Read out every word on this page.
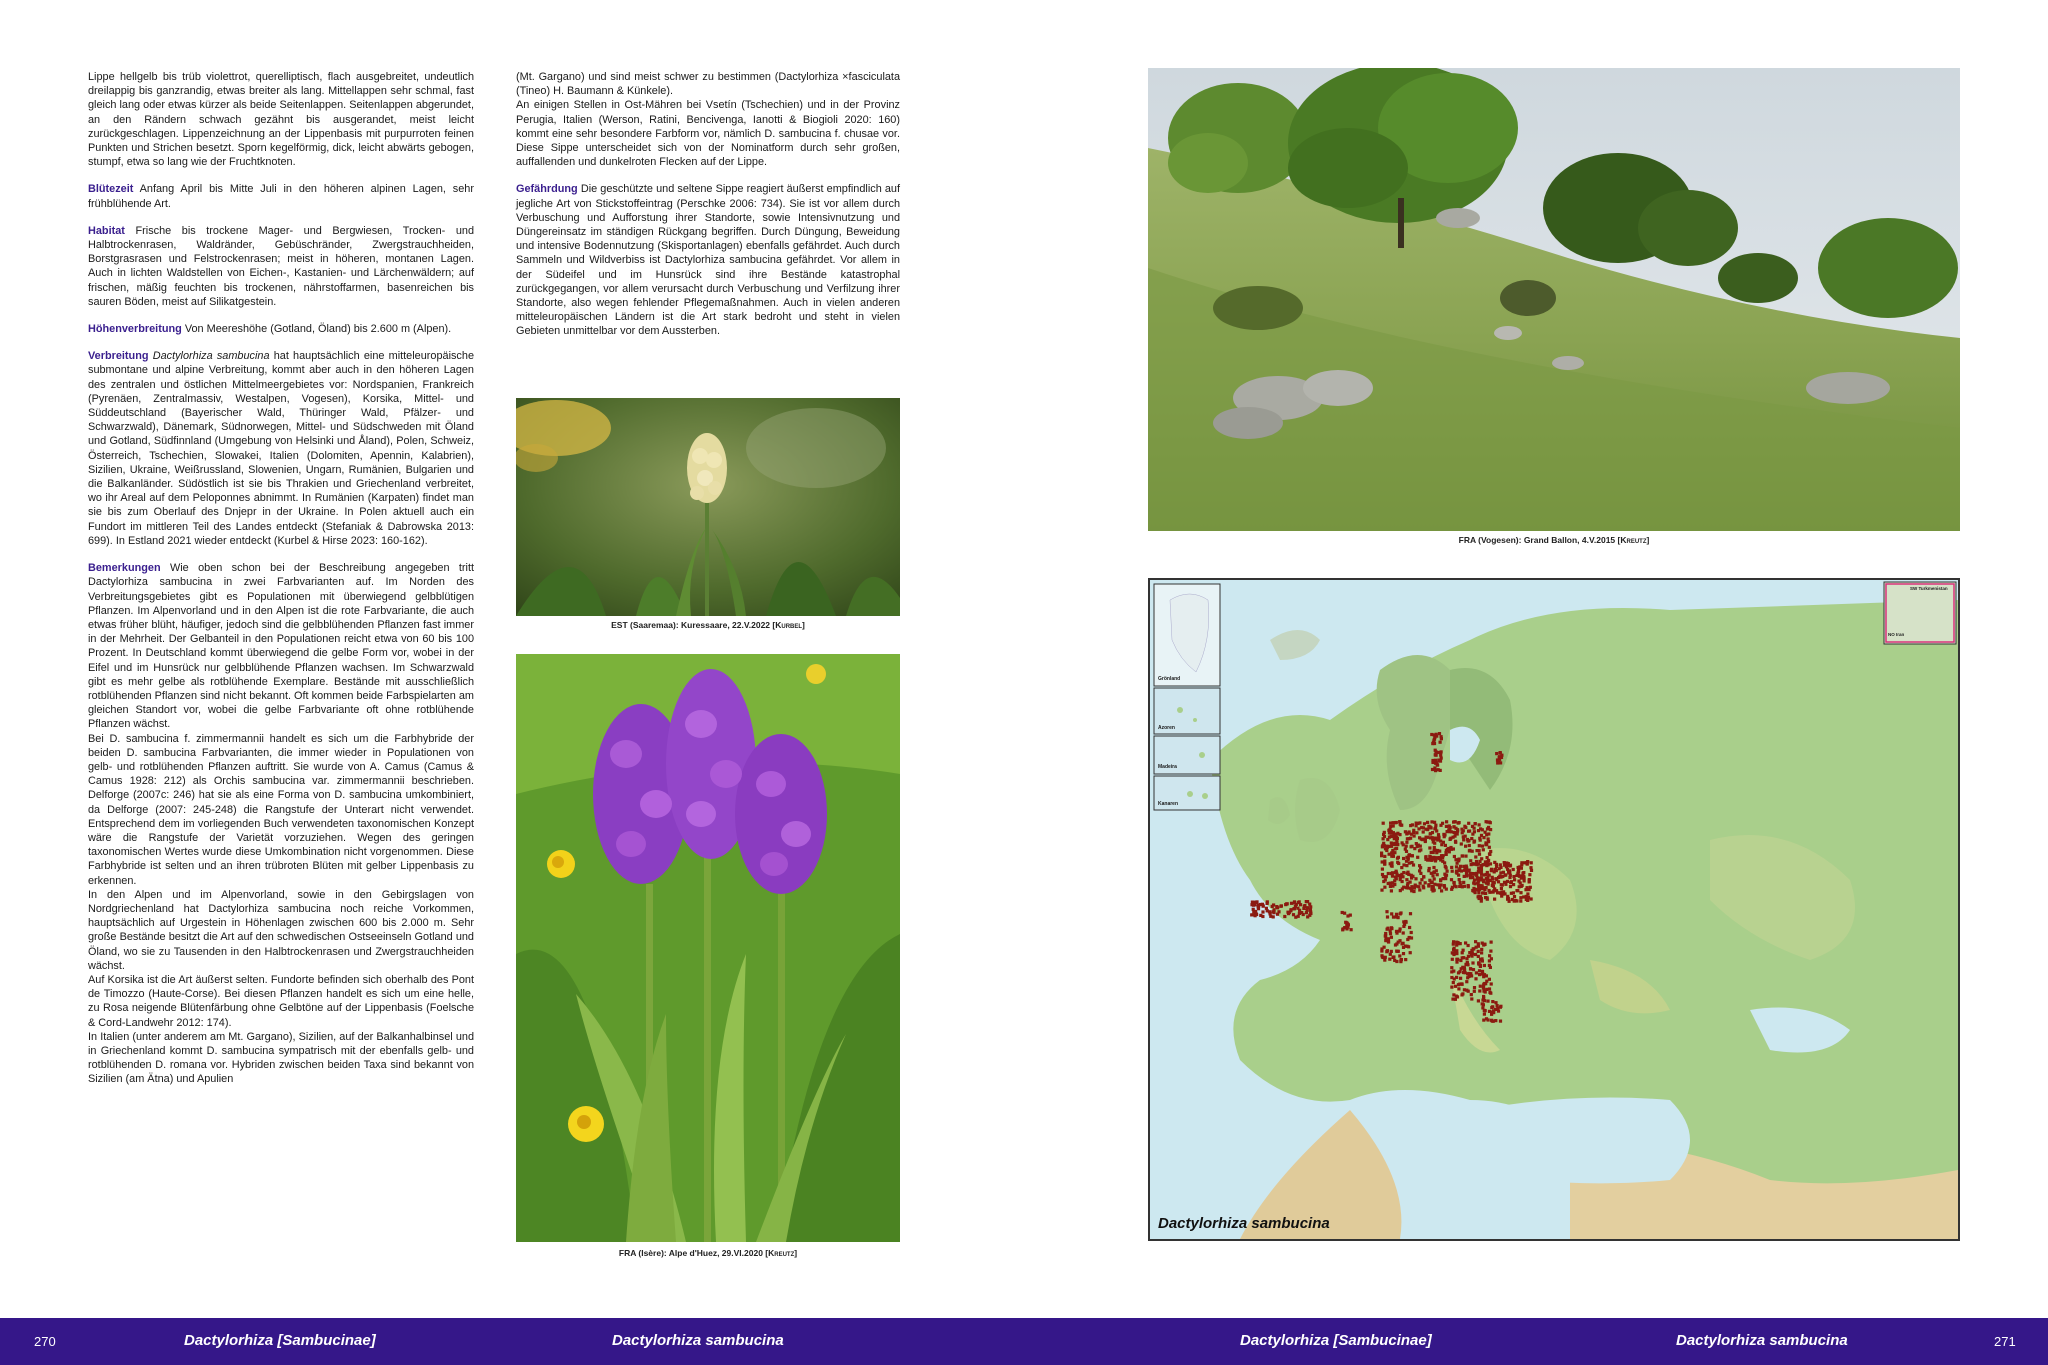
Lippe hellgelb bis trüb violettrot, querelliptisch, flach ausgebreitet, undeutlich dreilappig bis ganzrandig, etwas breiter als lang. Mittellappen sehr schmal, fast gleich lang oder etwas kürzer als beide Seitenlappen. Seitenlappen abgerundet, an den Rändern schwach gezähnt bis ausgerandet, meist leicht zurückgeschlagen. Lippenzeichnung an der Lippenbasis mit purpurroten feinen Punkten und Strichen besetzt. Sporn kegelförmig, dick, leicht abwärts gebogen, stumpf, etwa so lang wie der Fruchtknoten.

Blütezeit Anfang April bis Mitte Juli in den höheren alpinen Lagen, sehr frühblühende Art.

Habitat Frische bis trockene Mager- und Bergwiesen, Trocken- und Halbtrockenrasen, Waldränder, Gebüschränder, Zwergstrauchheiden, Borstgrasrasen und Felstrockenrasen; meist in höheren, montanen Lagen. Auch in lichten Waldstellen von Eichen-, Kastanien- und Lärchenwäldern; auf frischen, mäßig feuchten bis trockenen, nährstoffarmen, basenreichen bis sauren Böden, meist auf Silikatgestein.

Höhenverbreitung Von Meereshöhe (Gotland, Öland) bis 2.600 m (Alpen).

Verbreitung Dactylorhiza sambucina hat hauptsächlich eine mitteleuropäische submontane und alpine Verbreitung, kommt aber auch in den höheren Lagen des zentralen und östlichen Mittelmeergebietes vor: Nordspanien, Frankreich (Pyrenäen, Zentralmassiv, Westalpen, Vogesen), Korsika, Mittel- und Süddeutschland (Bayerischer Wald, Thüringer Wald, Pfälzer- und Schwarzwald), Dänemark, Südnorwegen, Mittel- und Südschweden mit Öland und Gotland, Südfinnland (Umgebung von Helsinki und Åland), Polen, Schweiz, Österreich, Tschechien, Slowakei, Italien (Dolomiten, Apennin, Kalabrien), Sizilien, Ukraine, Weißrussland, Slowenien, Ungarn, Rumänien, Bulgarien und die Balkanländer. Südöstlich ist sie bis Thrakien und Griechenland verbreitet, wo ihr Areal auf dem Peloponnes abnimmt. In Rumänien (Karpaten) findet man sie bis zum Oberlauf des Dnjepr in der Ukraine. In Polen aktuell auch ein Fundort im mittleren Teil des Landes entdeckt (Stefaniak & Dabrowska 2013: 699). In Estland 2021 wieder entdeckt (Kurbel & Hirse 2023: 160-162).

Bemerkungen Wie oben schon bei der Beschreibung angegeben tritt Dactylorhiza sambucina in zwei Farbvarianten auf. Im Norden des Verbreitungsgebietes gibt es Populationen mit überwiegend gelbblütigen Pflanzen. Im Alpenvorland und in den Alpen ist die rote Farbvariante, die auch etwas früher blüht, häufiger, jedoch sind die gelbblühenden Pflanzen fast immer in der Mehrheit. Der Gelbanteil in den Populationen reicht etwa von 60 bis 100 Prozent. In Deutschland kommt überwiegend die gelbe Form vor, wobei in der Eifel und im Hunsrück nur gelbblühende Pflanzen wachsen. Im Schwarzwald gibt es mehr gelbe als rotblühende Exemplare. Bestände mit ausschließlich rotblühenden Pflanzen sind nicht bekannt. Oft kommen beide Farbspielarten am gleichen Standort vor, wobei die gelbe Farbvariante oft ohne rotblühende Pflanzen wächst.

Bei D. sambucina f. zimmermannii handelt es sich um die Farbhybride der beiden D. sambucina Farbvarianten, die immer wieder in Populationen von gelb- und rotblühenden Pflanzen auftritt. Sie wurde von A. Camus (Camus & Camus 1928: 212) als Orchis sambucina var. zimmermannii beschrieben. Delforge (2007c: 246) hat sie als eine Forma von D. sambucina umkombiniert, da Delforge (2007: 245-248) die Rangstufe der Unterart nicht verwendet. Entsprechend dem im vorliegenden Buch verwendeten taxonomischen Konzept wäre die Rangstufe der Varietät vorzuziehen. Wegen des geringen taxonomischen Wertes wurde diese Umkombination nicht vorgenommen. Diese Farbhybride ist selten und an ihren trübroten Blüten mit gelber Lippenbasis zu erkennen.

In den Alpen und im Alpenvorland, sowie in den Gebirgslagen von Nordgriechenland hat Dactylorhiza sambucina noch reiche Vorkommen, hauptsächlich auf Urgestein in Höhenlagen zwischen 600 bis 2.000 m. Sehr große Bestände besitzt die Art auf den schwedischen Ostseeinseln Gotland und Öland, wo sie zu Tausenden in den Halbtrockenrasen und Zwergstrauchheiden wächst.

Auf Korsika ist die Art äußerst selten. Fundorte befinden sich oberhalb des Pont de Timozzo (Haute-Corse). Bei diesen Pflanzen handelt es sich um eine helle, zu Rosa neigende Blütenfärbung ohne Gelbtöne auf der Lippenbasis (Foelsche & Cord-Landwehr 2012: 174).

In Italien (unter anderem am Mt. Gargano), Sizilien, auf der Balkanhalbinsel und in Griechenland kommt D. sambucina sympatrisch mit der ebenfalls gelb- und rotblühenden D. romana vor. Hybriden zwischen beiden Taxa sind bekannt von Sizilien (am Ätna) und Apulien

(Mt. Gargano) und sind meist schwer zu bestimmen (Dactylorhiza ×fasciculata (Tineo) H. Baumann & Künkele).

An einigen Stellen in Ost-Mähren bei Vsetín (Tschechien) und in der Provinz Perugia, Italien (Werson, Ratini, Bencivenga, Ianotti & Biogioli 2020: 160) kommt eine sehr besondere Farbform vor, nämlich D. sambucina f. chusae vor. Diese Sippe unterscheidet sich von der Nominatform durch sehr großen, auffallenden und dunkelroten Flecken auf der Lippe.

Gefährdung Die geschützte und seltene Sippe reagiert äußerst empfindlich auf jegliche Art von Stickstoffeintrag (Perschke 2006: 734). Sie ist vor allem durch Verbuschung und Aufforstung ihrer Standorte, sowie Intensivnutzung und Düngereinsatz im ständigen Rückgang begriffen. Durch Düngung, Beweidung und intensive Bodennutzung (Skisportanlagen) ebenfalls gefährdet. Auch durch Sammeln und Wildverbiss ist Dactylorhiza sambucina gefährdet. Vor allem in der Südeifel und im Hunsrück sind ihre Bestände katastrophal zurückgegangen, vor allem verursacht durch Verbuschung und Verfilzung ihrer Standorte, also wegen fehlender Pflegemaßnahmen. Auch in vielen anderen mitteleuropäischen Ländern ist die Art stark bedroht und steht in vielen Gebieten unmittelbar vor dem Aussterben.

EST (Saaremaa): Kuressaare, 22.V.2022 [Kurbel]
FRA (Isère): Alpe d'Huez, 29.VI.2020 [Kreutz]
FRA (Vogesen): Grand Ballon, 4.V.2015 [Kreutz]
Dactylorhiza sambucina
Grönland
Azoren
Madeira
Kanaren
SW Turkmenistan
NO Iran
270	Dactylorhiza [Sambucinae]	Dactylorhiza sambucina	Dactylorhiza [Sambucinae]	Dactylorhiza sambucina	271
